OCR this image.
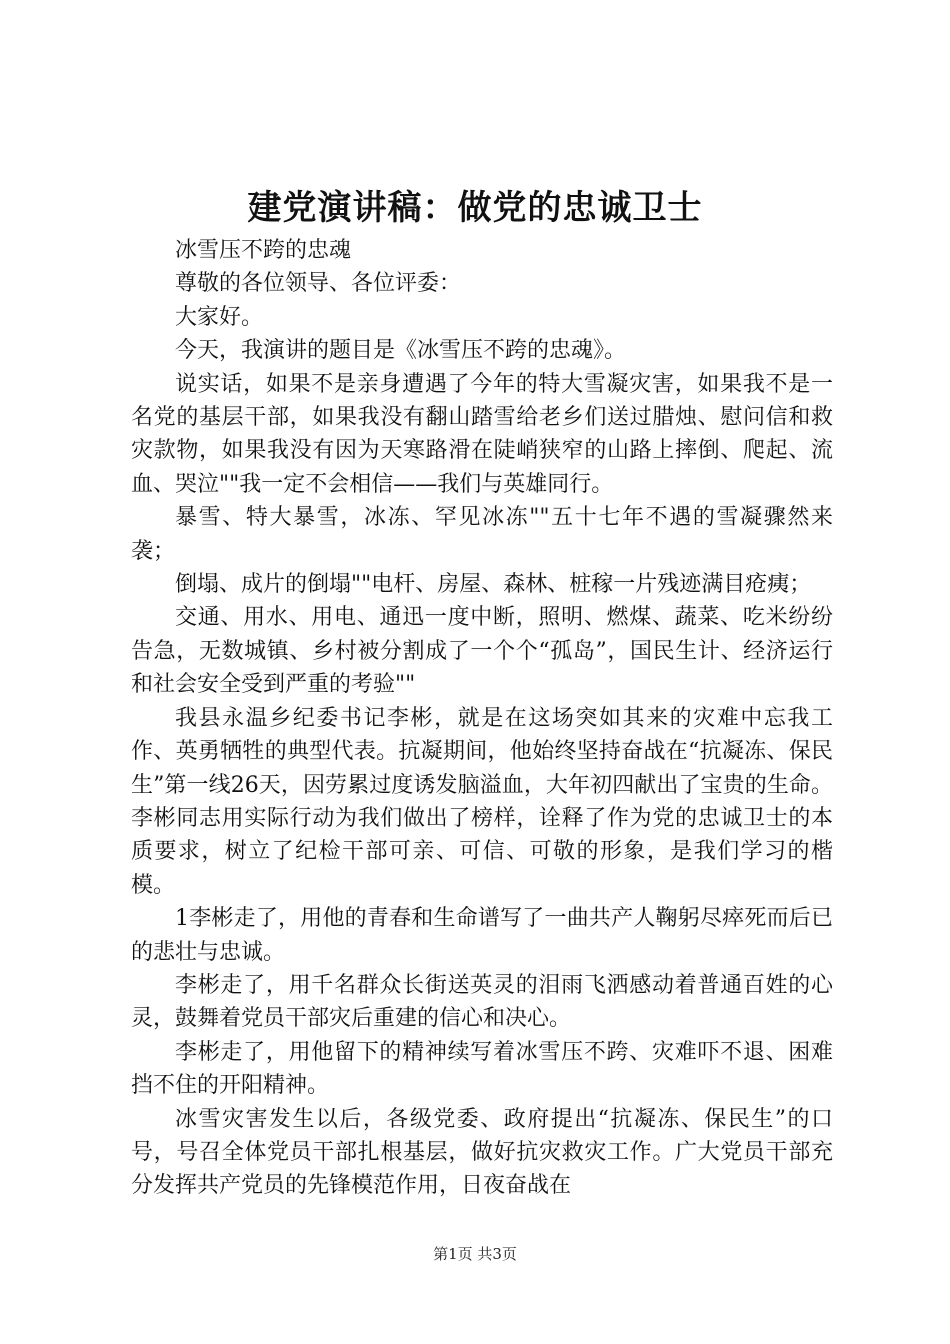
建党演讲稿：做党的忠诚卫士

冰雪压不跨的忠魂

尊敬的各位领导、各位评委：

大家好。

今天，我演讲的题目是《冰雪压不跨的忠魂》。

说实话，如果不是亲身遭遇了今年的特大雪凝灾害，如果我不是一名党的基层干部，如果我没有翻山踏雪给老乡们送过腊烛、慰问信和救灾款物，如果我没有因为天寒路滑在陡峭狭窄的山路上摔倒、爬起、流血、哭泣""我一定不会相信——我们与英雄同行。

暴雪、特大暴雪，冰冻、罕见冰冻""五十七年不遇的雪凝骤然来袭；

倒塌、成片的倒塌""电杆、房屋、森林、桩稼一片残迹满目疮痍；

交通、用水、用电、通迅一度中断，照明、燃煤、蔬菜、吃米纷纷告急，无数城镇、乡村被分割成了一个个“孤岛”，国民生计、经济运行和社会安全受到严重的考验""

我县永温乡纪委书记李彬，就是在这场突如其来的灾难中忘我工作、英勇牺牲的典型代表。抗凝期间，他始终坚持奋战在“抗凝冻、保民生”第一线26天，因劳累过度诱发脑溢血，大年初四献出了宝贵的生命。李彬同志用实际行动为我们做出了榜样，诠释了作为党的忠诚卫士的本质要求，树立了纪检干部可亲、可信、可敬的形象，是我们学习的楷模。

1李彬走了，用他的青春和生命谱写了一曲共产人鞠躬尽瘁死而后已的悲壮与忠诚。

李彬走了，用千名群众长街送英灵的泪雨飞洒感动着普通百姓的心灵，鼓舞着党员干部灾后重建的信心和决心。

李彬走了，用他留下的精神续写着冰雪压不跨、灾难吓不退、困难挡不住的开阳精神。

冰雪灾害发生以后，各级党委、政府提出“抗凝冻、保民生”的口号，号召全体党员干部扎根基层，做好抗灾救灾工作。广大党员干部充分发挥共产党员的先锋模范作用，日夜奋战在

第1页 共3页
